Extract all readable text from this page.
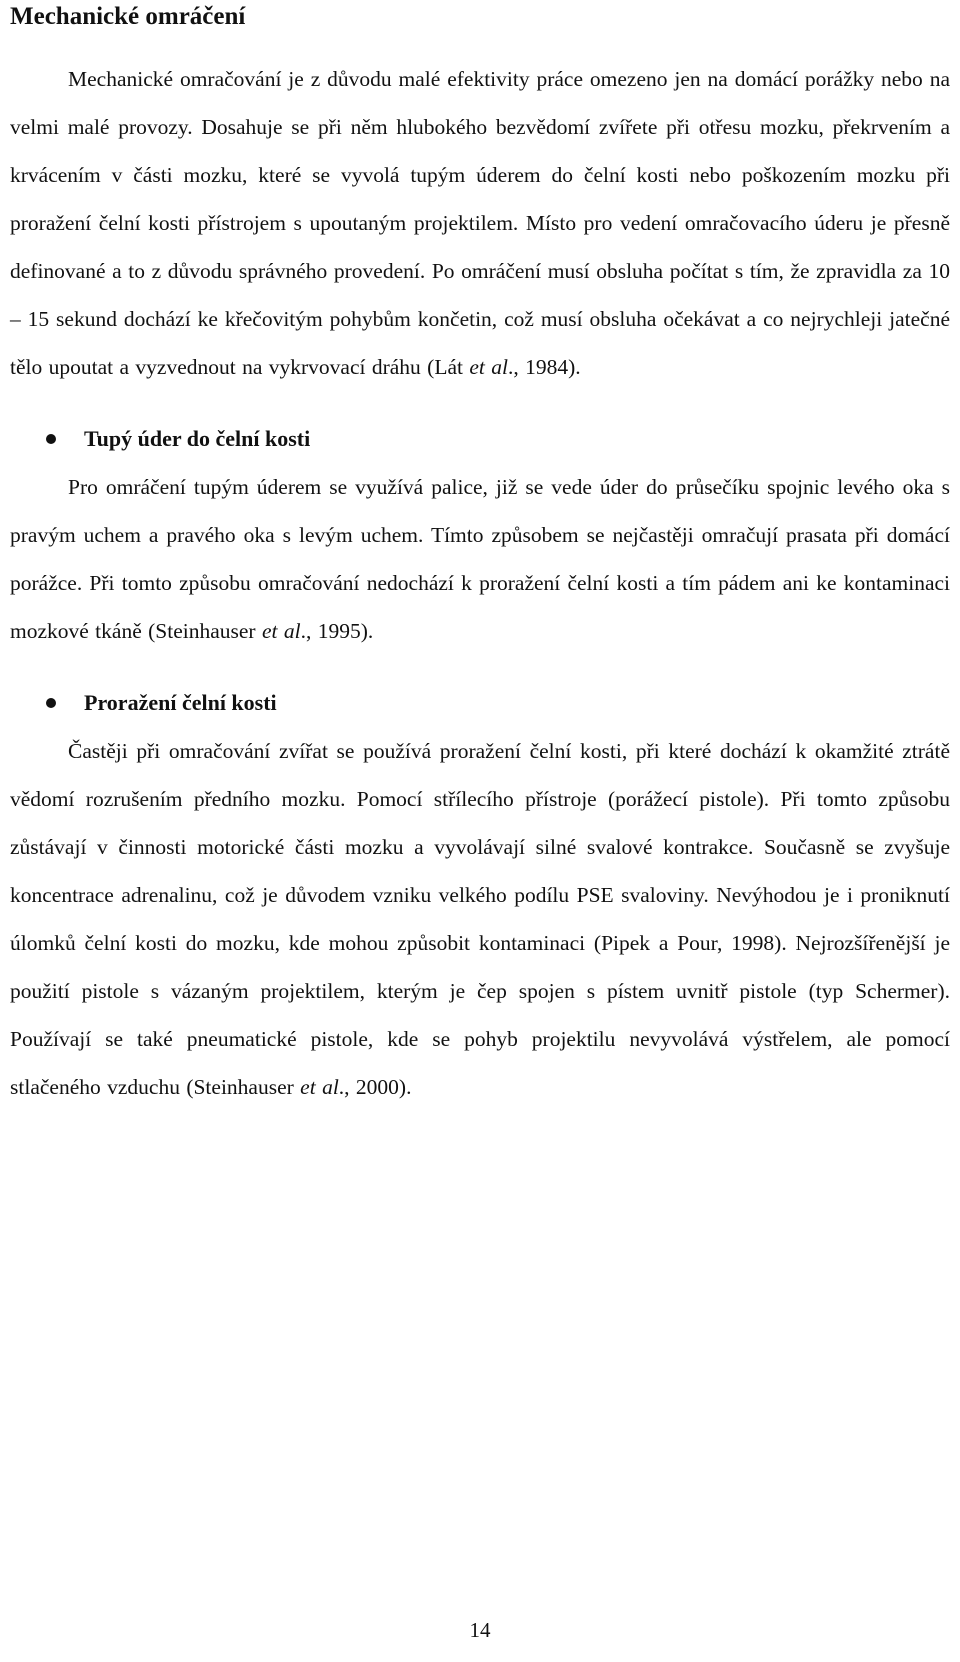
Mechanické omráčení

Mechanické omračování je z důvodu malé efektivity práce omezeno jen na domácí porážky nebo na velmi malé provozy. Dosahuje se při něm hlubokého bezvědomí zvířete při otřesu mozku, překrvením a krvácením v části mozku, které se vyvolá tupým úderem do čelní kosti nebo poškozením mozku při proražení čelní kosti přístrojem s upoutaným projektilem. Místo pro vedení omračovacího úderu je přesně definované a to z důvodu správného provedení. Po omráčení musí obsluha počítat s tím, že zpravidla za 10 – 15 sekund dochází ke křečovitým pohybům končetin, což musí obsluha očekávat a co nejrychleji jatečné tělo upoutat a vyzvednout na vykrvovací dráhu (Lát et al., 1984).

Tupý úder do čelní kosti

Pro omráčení tupým úderem se využívá palice, již se vede úder do průsečíku spojnic levého oka s pravým uchem a pravého oka s levým uchem. Tímto způsobem se nejčastěji omračují prasata při domácí porážce. Při tomto způsobu omračování nedochází k proražení čelní kosti a tím pádem ani ke kontaminaci mozkové tkáně (Steinhauser et al., 1995).

Proražení čelní kosti

Častěji při omračování zvířat se používá proražení čelní kosti, při které dochází k okamžité ztrátě vědomí rozrušením předního mozku. Pomocí střílecího přístroje (porážecí pistole). Při tomto způsobu zůstávají v činnosti motorické části mozku a vyvolávají silné svalové kontrakce. Současně se zvyšuje koncentrace adrenalinu, což je důvodem vzniku velkého podílu PSE svaloviny. Nevýhodou je i proniknutí úlomků čelní kosti do mozku, kde mohou způsobit kontaminaci (Pipek a Pour, 1998). Nejrozšířenější je použití pistole s vázaným projektilem, kterým je čep spojen s pístem uvnitř pistole (typ Schermer). Používají se také pneumatické pistole, kde se pohyb projektilu nevyvolává výstřelem, ale pomocí stlačeného vzduchu (Steinhauser et al., 2000).

14
